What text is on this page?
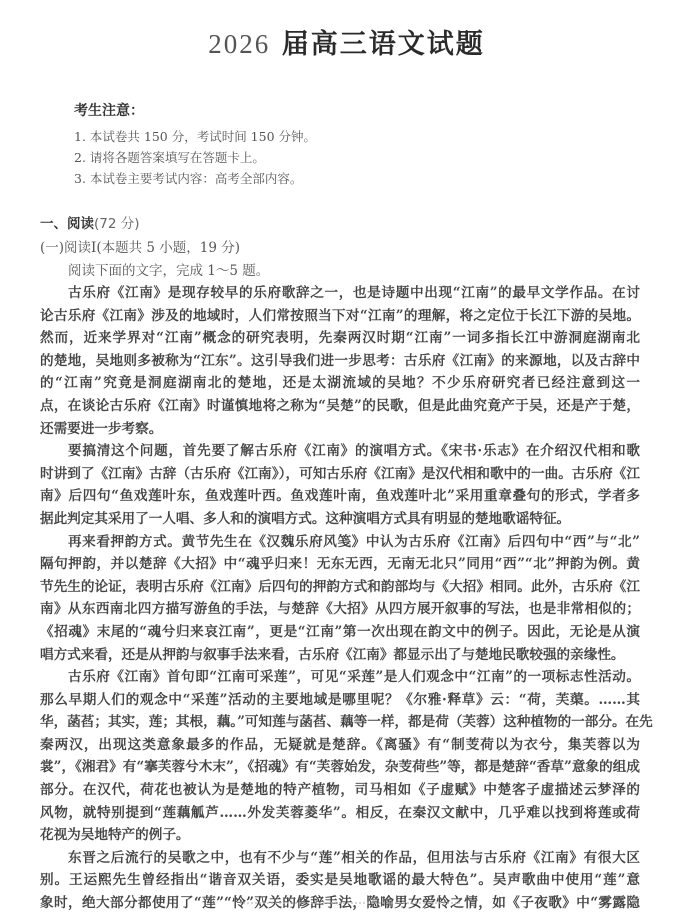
2026 届高三语文试题
考生注意：
1. 本试卷共 150 分，考试时间 150 分钟。
2. 请将各题答案填写在答题卡上。
3. 本试卷主要考试内容：高考全部内容。
一、阅读(72 分)
(一)阅读Ⅰ(本题共 5 小题，19 分)
阅读下面的文字，完成 1～5 题。
古乐府《江南》是现存较早的乐府歌辞之一，也是诗题中出现“江南”的最早文学作品。在讨
论古乐府《江南》涉及的地域时，人们常按照当下对“江南”的理解，将之定位于长江下游的吴地。
然而，近来学界对“江南”概念的研究表明，先秦两汉时期“江南”一词多指长江中游洞庭湖南北
的楚地，吴地则多被称为“江东”。这引导我们进一步思考：古乐府《江南》的来源地，以及古辞中
的“江南”究竟是洞庭湖南北的楚地，还是太湖流域的吴地？不少乐府研究者已经注意到这一
点，在谈论古乐府《江南》时谨慎地将之称为“吴楚”的民歌，但是此曲究竟产于吴，还是产于楚，
还需要进一步考察。
要搞清这个问题，首先要了解古乐府《江南》的演唱方式。《宋书·乐志》在介绍汉代相和歌
时讲到了《江南》古辞（古乐府《江南》），可知古乐府《江南》是汉代相和歌中的一曲。古乐府《江
南》后四句“鱼戏莲叶东，鱼戏莲叶西。鱼戏莲叶南，鱼戏莲叶北”采用重章叠句的形式，学者多
据此判定其采用了一人唱、多人和的演唱方式。这种演唱方式具有明显的楚地歌谣特征。
再来看押韵方式。黄节先生在《汉魏乐府风笺》中认为古乐府《江南》后四句中“西”与“北”
隔句押韵，并以楚辞《大招》中“魂乎归来！无东无西，无南无北只”同用“西”“北”押韵为例。黄
节先生的论证，表明古乐府《江南》后四句的押韵方式和韵部均与《大招》相同。此外，古乐府《江
南》从东西南北四方描写游鱼的手法，与楚辞《大招》从四方展开叙事的写法，也是非常相似的；
《招魂》末尾的“魂兮归来哀江南”，更是“江南”第一次出现在韵文中的例子。因此，无论是从演
唱方式来看，还是从押韵与叙事手法来看，古乐府《江南》都显示出了与楚地民歌较强的亲缘性。
古乐府《江南》首句即“江南可采莲”，可见“采莲”是人们观念中“江南”的一项标志性活动。
那么早期人们的观念中“采莲”活动的主要地域是哪里呢？《尔雅·释草》云：“荷，芙蕖。……其
华，菡萏；其实，莲；其根，藕。”可知莲与菡萏、藕等一样，都是荷（芙蓉）这种植物的一部分。在先
秦两汉，出现这类意象最多的作品，无疑就是楚辞。《离骚》有“制芰荷以为衣兮，集芙蓉以为
裳”，《湘君》有“搴芙蓉兮木末”，《招魂》有“芙蓉始发，杂芰荷些”等，都是楚辞“香草”意象的组成
部分。在汉代，荷花也被认为是楚地的特产植物，司马相如《子虚赋》中楚客子虚描述云梦泽的
风物，就特别提到“莲藕觚芦……外发芙蓉菱华”。相反，在秦汉文献中，几乎难以找到将莲或荷
花视为吴地特产的例子。
东晋之后流行的吴歌之中，也有不少与“莲”相关的作品，但用法与古乐府《江南》有很大区
别。王运熙先生曾经指出“谐音双关语，委实是吴地歌谣的最大特色”。吴声歌曲中使用“莲”意
象时，绝大部分都使用了“莲”“怜”双关的修辞手法，隐喻男女爱怜之情，如《子夜歌》中“雾露隐
